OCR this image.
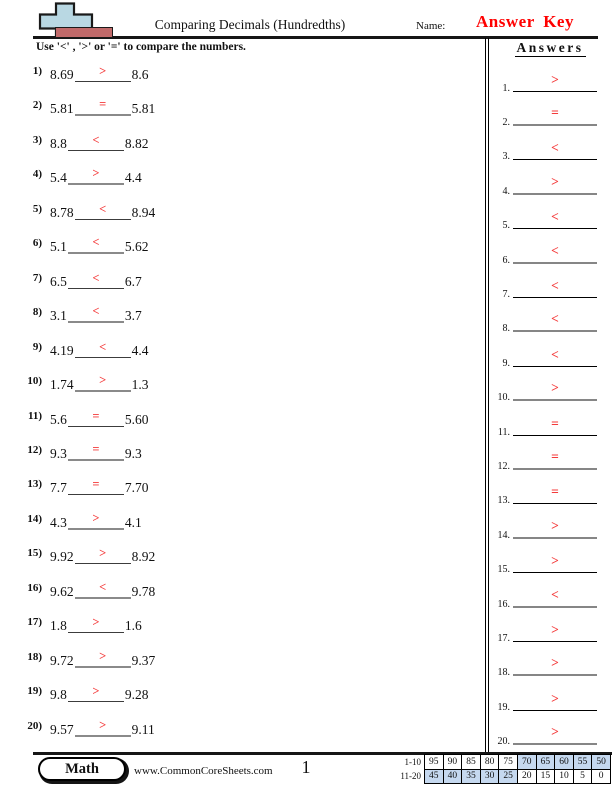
Comparing Decimals (Hundredths)	Name:	Answer Key
Use '<' , '>' or '=' to compare the numbers.	Answers
1) 8.69	>	8.6
2) 5.81	=	5.81
3) 8.8	<	8.82
4) 5.4	>	4.4
5) 8.78	<	8.94
6) 5.1	<	5.62
7) 6.5	<	6.7
8) 3.1	<	3.7
9) 4.19	<	4.4
10) 1.74	>	1.3
11) 5.6	=	5.60
12) 9.3	=	9.3
13) 7.7	=	7.70
14) 4.3	>	4.1
15) 9.92	>	8.92
16) 9.62	<	9.78
17) 1.8	>	1.6
18) 9.72	>	9.37
19) 9.8	>	9.28
20) 9.57	>	9.11
1.
>
2.
=
3.
<
4.
>
5.
<
6.
<
7.
<
8.
<
9.
<
10.
>
11.
=
12.
=
13.
=
14.
>
15.
>
16.
<
17.
>
18.
>
19.
>
20.
>
Math	www.CommonCoreSheets.com	1	1-10	95	90	85	80	75	70	65	60	55	50
11-20	45	40	35	30	25	20	15	10	5	0
